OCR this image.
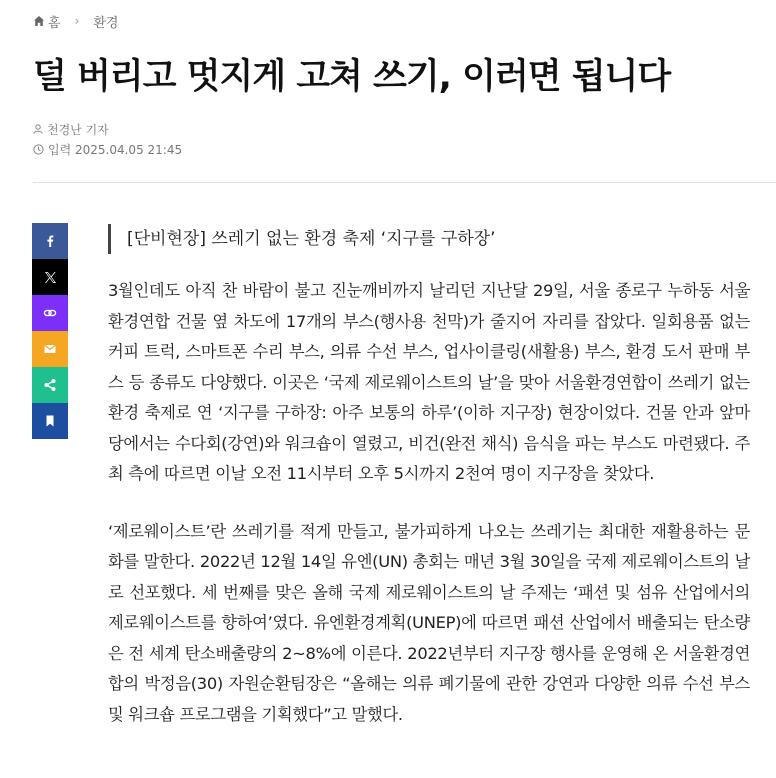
홈 › 환경
덜 버리고 멋지게 고쳐 쓰기, 이러면 됩니다
천경난 기자
입력 2025.04.05 21:45
[단비현장] 쓰레기 없는 환경 축제 ‘지구를 구하장’

3월인데도 아직 찬 바람이 불고 진눈깨비까지 날리던 지난달 29일, 서울 종로구 누하동 서울환경연합 건물 옆 차도에 17개의 부스(행사용 천막)가 줄지어 자리를 잡았다. 일회용품 없는 커피 트럭, 스마트폰 수리 부스, 의류 수선 부스, 업사이클링(새활용) 부스, 환경 도서 판매 부스 등 종류도 다양했다. 이곳은 ‘국제 제로웨이스트의 날’을 맞아 서울환경연합이 쓰레기 없는 환경 축제로 연 ‘지구를 구하장: 아주 보통의 하루’(이하 지구장) 현장이었다. 건물 안과 앞마당에서는 수다회(강연)와 워크숍이 열렸고, 비건(완전 채식) 음식을 파는 부스도 마련됐다. 주최 측에 따르면 이날 오전 11시부터 오후 5시까지 2천여 명이 지구장을 찾았다.

‘제로웨이스트’란 쓰레기를 적게 만들고, 불가피하게 나오는 쓰레기는 최대한 재활용하는 문화를 말한다. 2022년 12월 14일 유엔(UN) 총회는 매년 3월 30일을 국제 제로웨이스트의 날로 선포했다. 세 번째를 맞은 올해 국제 제로웨이스트의 날 주제는 ‘패션 및 섬유 산업에서의 제로웨이스트를 향하여’였다. 유엔환경계획(UNEP)에 따르면 패션 산업에서 배출되는 탄소량은 전 세계 탄소배출량의 2~8%에 이른다. 2022년부터 지구장 행사를 운영해 온 서울환경연합의 박정음(30) 자원순환팀장은 “올해는 의류 폐기물에 관한 강연과 다양한 의류 수선 부스 및 워크숍 프로그램을 기획했다”고 말했다.
